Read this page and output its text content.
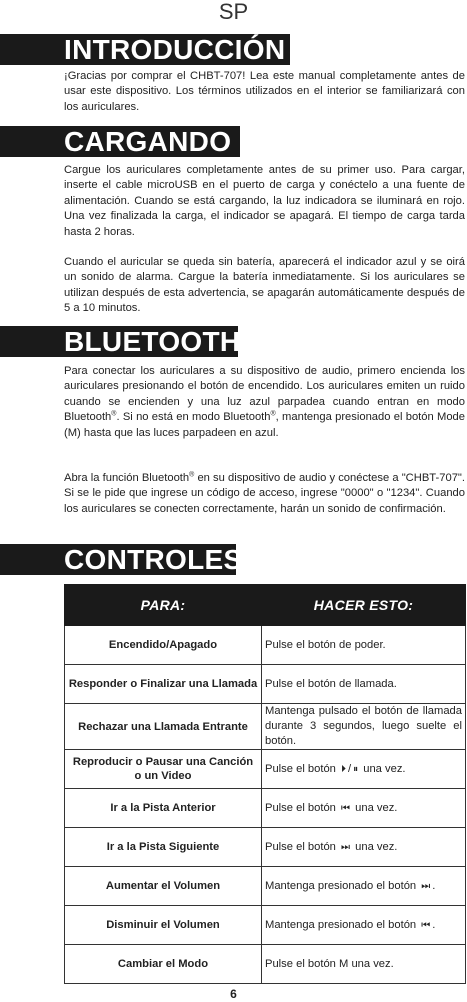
SP
INTRODUCCIÓN
¡Gracias por comprar el CHBT-707! Lea este manual completamente antes de usar este dispositivo. Los términos utilizados en el interior se familiarizará con los auriculares.
CARGANDO
Cargue los auriculares completamente antes de su primer uso. Para cargar, inserte el cable microUSB en el puerto de carga y conéctelo a una fuente de alimentación. Cuando se está cargando, la luz indicadora se iluminará en rojo. Una vez finalizada la carga, el indicador se apagará. El tiempo de carga tarda hasta 2 horas.
Cuando el auricular se queda sin batería, aparecerá el indicador azul y se oirá un sonido de alarma. Cargue la batería inmediatamente. Si los auriculares se utilizan después de esta advertencia, se apagarán automáticamente después de 5 a 10 minutos.
BLUETOOTH®
Para conectar los auriculares a su dispositivo de audio, primero encienda los auriculares presionando el botón de encendido. Los auriculares emiten un ruido cuando se encienden y una luz azul parpadea cuando entran en modo Bluetooth®. Si no está en modo Bluetooth®, mantenga presionado el botón Mode (M) hasta que las luces parpadeen en azul.
Abra la función Bluetooth® en su dispositivo de audio y conéctese a "CHBT-707". Si se le pide que ingrese un código de acceso, ingrese "0000" o "1234". Cuando los auriculares se conecten correctamente, harán un sonido de confirmación.
CONTROLES
PARA:	HACER ESTO:
Encendido/Apagado	Pulse el botón de poder.
Responder o Finalizar una Llamada	Pulse el botón de llamada.
Rechazar una Llamada Entrante	Mantenga pulsado el botón de llamada durante 3 segundos, luego suelte el botón.
Reproducir o Pausar una Canción o un Video	Pulse el botón ⏵ / ⏸ una vez.
Ir a la Pista Anterior	Pulse el botón ⏮ una vez.
Ir a la Pista Siguiente	Pulse el botón ⏭ una vez.
Aumentar el Volumen	Mantenga presionado el botón ⏭ .
Disminuir el Volumen	Mantenga presionado el botón ⏮ .
Cambiar el Modo	Pulse el botón M una vez.
6
